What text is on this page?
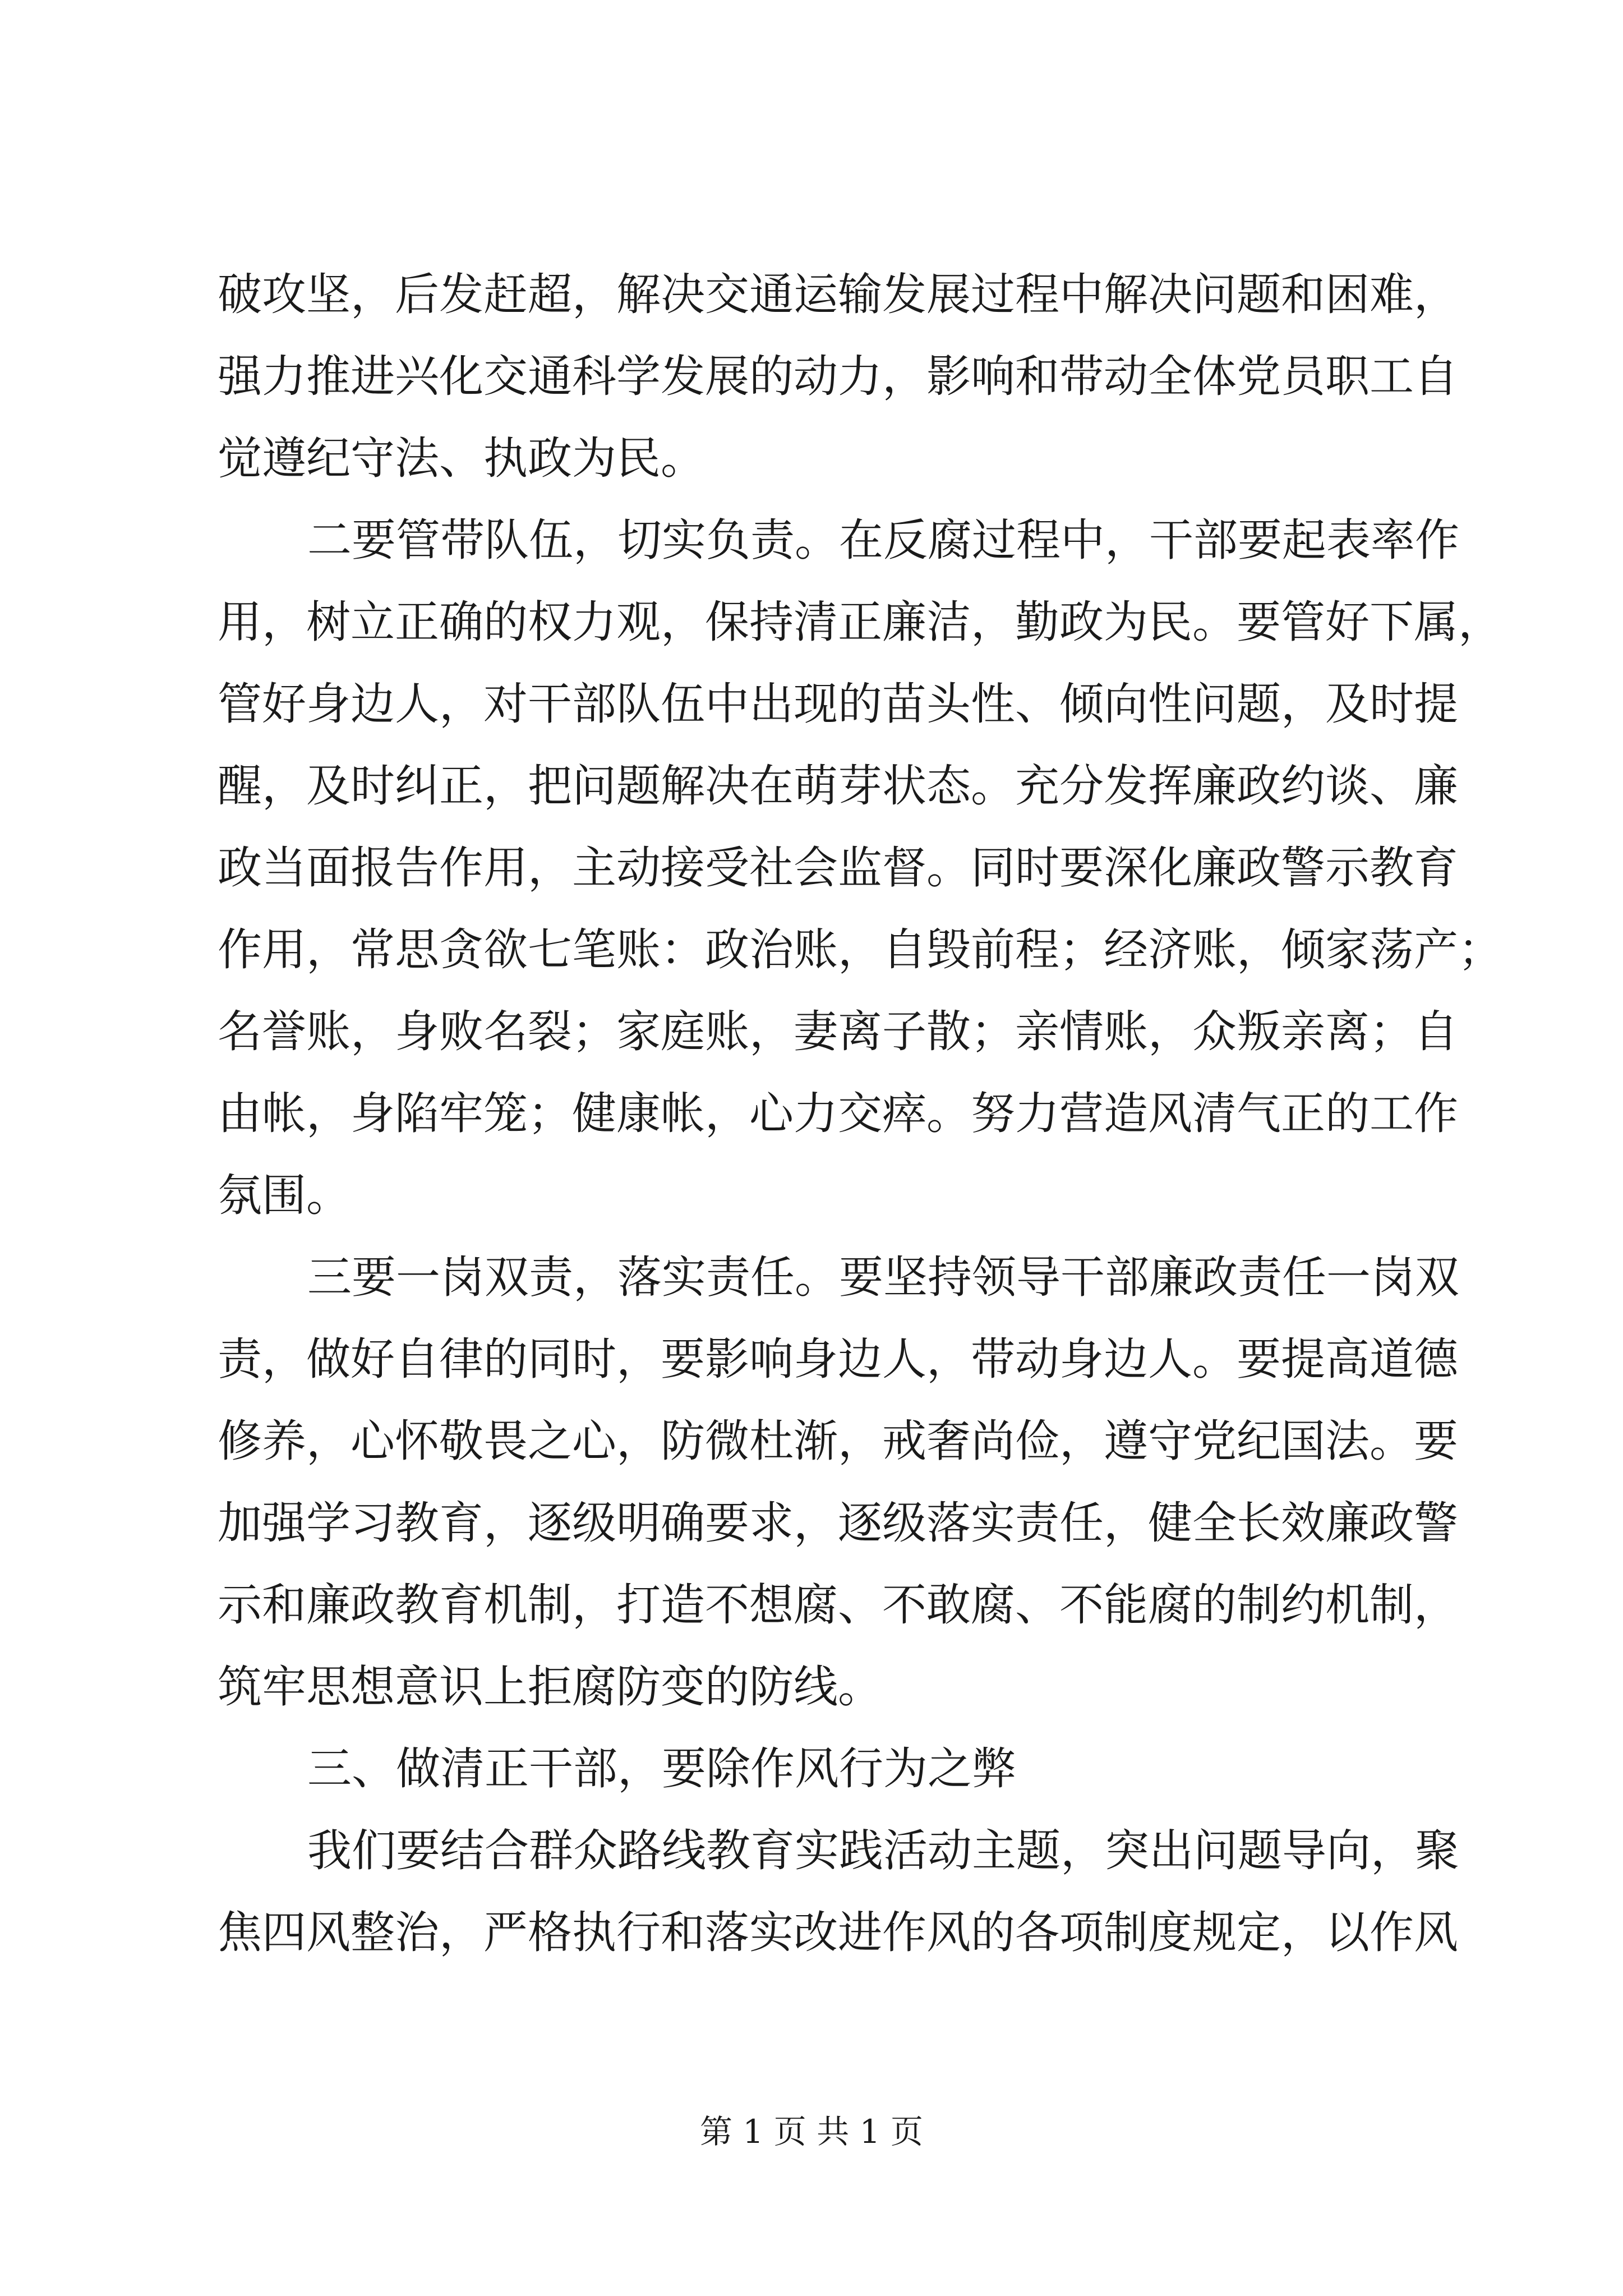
破攻坚，后发赶超，解决交通运输发展过程中解决问题和困难，
强力推进兴化交通科学发展的动力，影响和带动全体党员职工自
觉遵纪守法、执政为民。
二要管带队伍，切实负责。在反腐过程中，干部要起表率作
用，树立正确的权力观，保持清正廉洁，勤政为民。要管好下属，
管好身边人，对干部队伍中出现的苗头性、倾向性问题，及时提
醒，及时纠正，把问题解决在萌芽状态。充分发挥廉政约谈、廉
政当面报告作用，主动接受社会监督。同时要深化廉政警示教育
作用，常思贪欲七笔账：政治账，自毁前程；经济账，倾家荡产；
名誉账，身败名裂；家庭账，妻离子散；亲情账，众叛亲离；自
由帐，身陷牢笼；健康帐，心力交瘁。努力营造风清气正的工作
氛围。
三要一岗双责，落实责任。要坚持领导干部廉政责任一岗双
责，做好自律的同时，要影响身边人，带动身边人。要提高道德
修养，心怀敬畏之心，防微杜渐，戒奢尚俭，遵守党纪国法。要
加强学习教育，逐级明确要求，逐级落实责任，健全长效廉政警
示和廉政教育机制，打造不想腐、不敢腐、不能腐的制约机制，
筑牢思想意识上拒腐防变的防线。
三、做清正干部，要除作风行为之弊
我们要结合群众路线教育实践活动主题，突出问题导向，聚
焦四风整治，严格执行和落实改进作风的各项制度规定，以作风
第 1 页 共 1 页
